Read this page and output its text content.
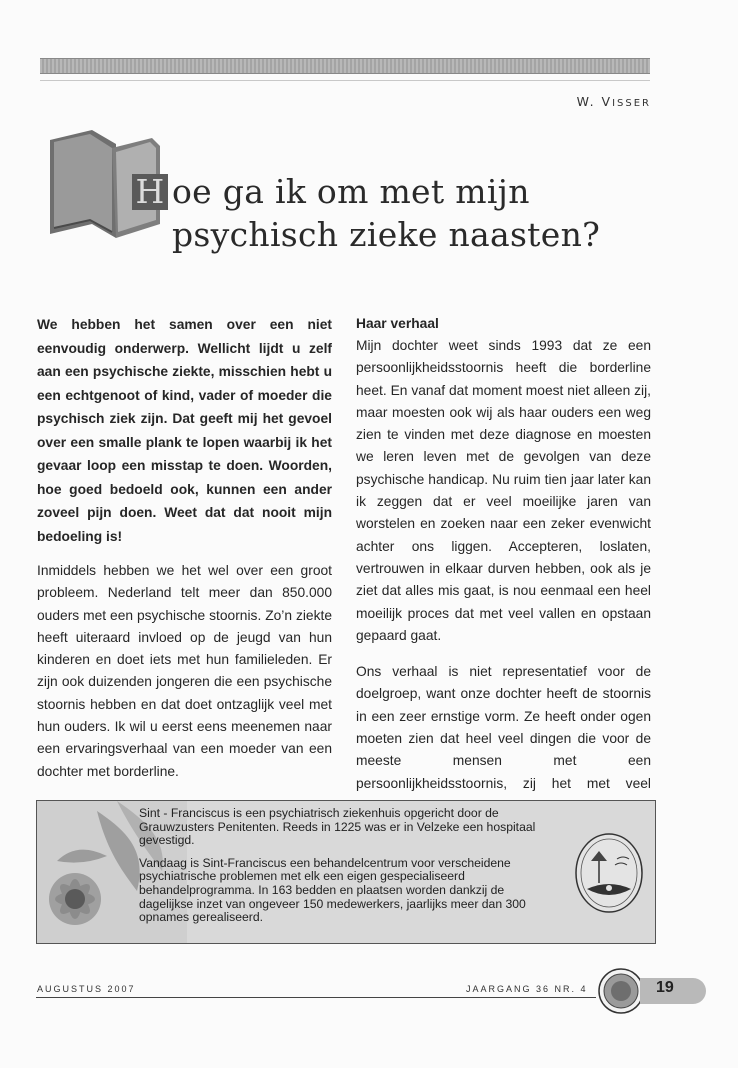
W. VISSER
H oe ga ik om met mijn
psychisch zieke naasten?

We hebben het samen over een niet eenvoudig onderwerp. Wellicht lijdt u zelf aan een psychische ziekte, misschien hebt u een echtgenoot of kind, vader of moeder die psychisch ziek zijn. Dat geeft mij het gevoel over een smalle plank te lopen waarbij ik het gevaar loop een misstap te doen. Woorden, hoe goed bedoeld ook, kunnen een ander zoveel pijn doen. Weet dat dat nooit mijn bedoeling is!

Inmiddels hebben we het wel over een groot probleem. Nederland telt meer dan 850.000 ouders met een psychische stoornis. Zo’n ziekte heeft uiteraard invloed op de jeugd van hun kinderen en doet iets met hun familieleden. Er zijn ook duizenden jongeren die een psychische stoornis hebben en dat doet ontzaglijk veel met hun ouders. Ik wil u eerst eens meenemen naar een ervaringsverhaal van een moeder van een dochter met borderline.

Haar verhaal

Mijn dochter weet sinds 1993 dat ze een persoonlijkheidsstoornis heeft die borderline heet. En vanaf dat moment moest niet alleen zij, maar moesten ook wij als haar ouders een weg zien te vinden met deze diagnose en moesten we leren leven met de gevolgen van deze psychische handicap. Nu ruim tien jaar later kan ik zeggen dat er veel moeilijke jaren van worstelen en zoeken naar een zeker evenwicht achter ons liggen. Accepteren, loslaten, vertrouwen in elkaar durven hebben, ook als je ziet dat alles mis gaat, is nou eenmaal een heel moeilijk proces dat met veel vallen en opstaan gepaard gaat.

Ons verhaal is niet representatief voor de doelgroep, want onze dochter heeft de stoornis in een zeer ernstige vorm. Ze heeft onder ogen moeten zien dat heel veel dingen die voor de meeste mensen met een persoonlijkheidsstoornis, zij het met veel

Sint - Franciscus is een psychiatrisch ziekenhuis opgericht door de Grauwzusters Penitenten. Reeds in 1225 was er in Velzeke een hospitaal gevestigd.

Vandaag is Sint-Franciscus een behandelcentrum voor verscheidene psychiatrische problemen met elk een eigen gespecialiseerd behandelprogramma. In 163 bedden en plaatsen worden dankzij de dagelijkse inzet van ongeveer 150 medewerkers, jaarlijks meer dan 300 opnames gerealiseerd.

AUGUSTUS 2007	JAARGANG 36 NR. 4	19
